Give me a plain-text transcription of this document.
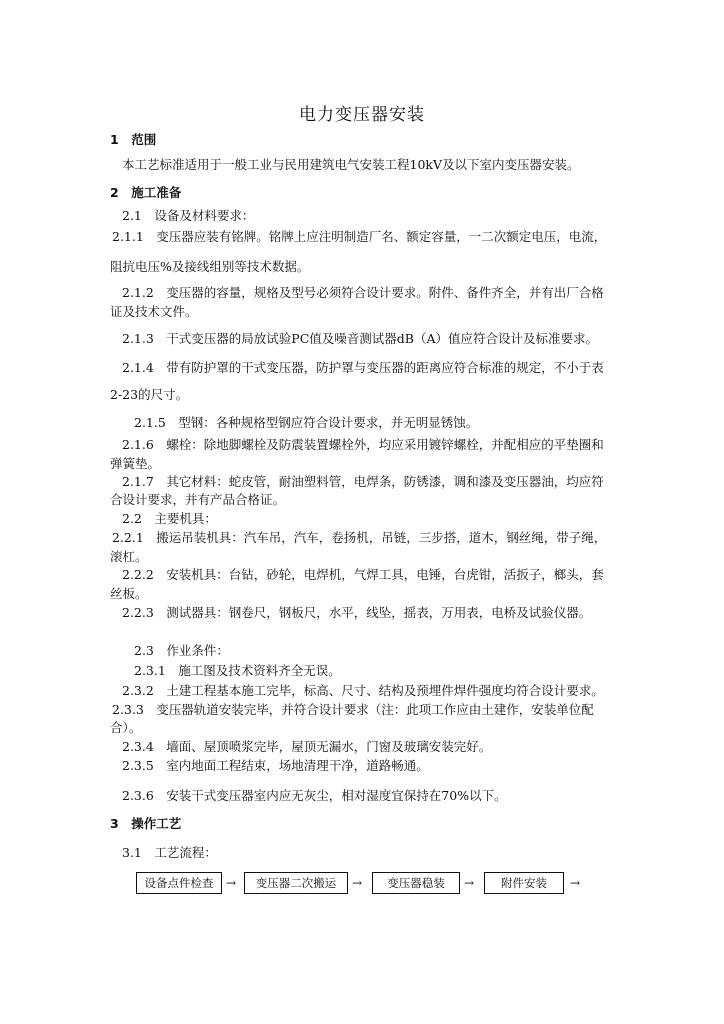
电力变压器安装
1　范围
本工艺标准适用于一般工业与民用建筑电气安装工程10kV及以下室内变压器安装。
2　施工准备
2.1　设备及材料要求：
2.1.1　变压器应装有铭牌。铭牌上应注明制造厂名、额定容量，一二次额定电压，电流，
阻抗电压%及接线组别等技术数据。
2.1.2　变压器的容量，规格及型号必须符合设计要求。附件、备件齐全，并有出厂合格
证及技术文件。
2.1.3　干式变压器的局放试验PC值及噪音测试器dB（A）值应符合设计及标准要求。
2.1.4　带有防护罩的干式变压器，防护罩与变压器的距离应符合标准的规定，不小于表
2-23的尺寸。
2.1.5　型钢：各种规格型钢应符合设计要求，并无明显锈蚀。
2.1.6　螺栓：除地脚螺栓及防震装置螺栓外，均应采用镀锌螺栓，并配相应的平垫圈和
弹簧垫。
2.1.7　其它材料：蛇皮管，耐油塑料管，电焊条，防锈漆，调和漆及变压器油，均应符
合设计要求，并有产品合格证。
2.2　主要机具：
2.2.1　搬运吊装机具：汽车吊，汽车，卷扬机，吊链，三步搭，道木，钢丝绳，带子绳，
滚杠。
2.2.2　安装机具：台钻，砂轮，电焊机，气焊工具，电锤，台虎钳，活扳子，榔头，套
丝板。
2.2.3　测试器具：钢卷尺，钢板尺，水平，线坠，摇表，万用表，电桥及试验仪器。
2.3　作业条件：
2.3.1　施工图及技术资料齐全无误。
2.3.2　土建工程基本施工完毕，标高、尺寸、结构及预埋件焊件强度均符合设计要求。
2.3.3　变压器轨道安装完毕，并符合设计要求（注：此项工作应由土建作，安装单位配
合）。
2.3.4　墙面、屋顶喷浆完毕，屋顶无漏水，门窗及玻璃安装完好。
2.3.5　室内地面工程结束，场地清理干净，道路畅通。
2.3.6　安装干式变压器室内应无灰尘，相对湿度宜保持在70%以下。
3　操作工艺
3.1　工艺流程：
设备点件检查	→	变压器二次搬运	→	变压器稳装	→	附件安装	→
